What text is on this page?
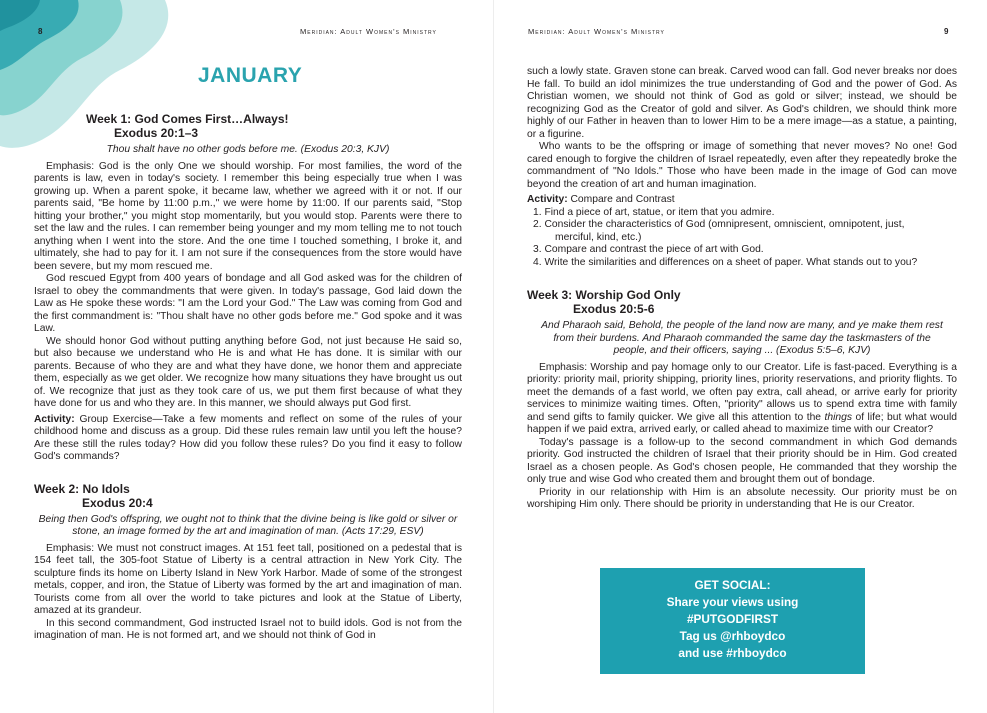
8	Meridian: Adult Women's Ministry
JANUARY
Week 1: God Comes First…Always!
Exodus 20:1–3
Thou shalt have no other gods before me. (Exodus 20:3, KJV)

Emphasis: God is the only One we should worship. For most families, the word of the parents is law, even in today's society. I remember this being especially true when I was growing up. When a parent spoke, it became law, whether we agreed with it or not. If our parents said, "Be home by 11:00 p.m.," we were home by 11:00. If our parents said, "Stop hitting your brother," you might stop momentarily, but you would stop. Parents were there to set the law and the rules. I can remember being younger and my mom telling me to not touch anything when I went into the store. And the one time I touched something, I broke it, and ultimately, she had to pay for it. I am not sure if the consequences from the store would have been severe, but my mom rescued me.

God rescued Egypt from 400 years of bondage and all God asked was for the children of Israel to obey the commandments that were given. In today's passage, God laid down the Law as He spoke these words: "I am the Lord your God." The Law was coming from God and the first commandment is: "Thou shalt have no other gods before me." God spoke and it was Law.

We should honor God without putting anything before God, not just because He said so, but also because we understand who He is and what He has done. It is similar with our parents. Because of who they are and what they have done, we honor them and appreciate them, especially as we get older. We recognize how many situations they have brought us out of. We recognize that just as they took care of us, we put them first because of what they have done for us and who they are. In this manner, we should always put God first.

Activity: Group Exercise—Take a few moments and reflect on some of the rules of your childhood home and discuss as a group. Did these rules remain law until you left the house? Are these still the rules today? How did you follow these rules? Do you find it easy to follow God's commands?

Week 2: No Idols
Exodus 20:4
Being then God's offspring, we ought not to think that the divine being is like gold or silver or stone, an image formed by the art and imagination of man. (Acts 17:29, ESV)

Emphasis: We must not construct images. At 151 feet tall, positioned on a pedestal that is 154 feet tall, the 305-foot Statue of Liberty is a central attraction in New York City. The sculpture finds its home on Liberty Island in New York Harbor. Made of some of the strongest metals, copper, and iron, the Statue of Liberty was formed by the art and imagination of man. Tourists come from all over the world to take pictures and look at the Statue of Liberty, amazed at its grandeur.

In this second commandment, God instructed Israel not to build idols. God is not from the imagination of man. He is not formed art, and we should not think of God in

Meridian: Adult Women's Ministry	9

such a lowly state. Graven stone can break. Carved wood can fall. God never breaks nor does He fall. To build an idol minimizes the true understanding of God and the power of God. As Christian women, we should not think of God as gold or silver; instead, we should be recognizing God as the Creator of gold and silver. As God's children, we should think more highly of our Father in heaven than to lower Him to be a mere image—as a statue, a painting, or a figurine.

Who wants to be the offspring or image of something that never moves? No one! God cared enough to forgive the children of Israel repeatedly, even after they repeatedly broke the commandment of "No Idols." Those who have been made in the image of God can move beyond the creation of art and human imagination.

Activity: Compare and Contrast

1. Find a piece of art, statue, or item that you admire.
2. Consider the characteristics of God (omnipresent, omniscient, omnipotent, just,
merciful, kind, etc.)
3. Compare and contrast the piece of art with God.
4. Write the similarities and differences on a sheet of paper. What stands out to you?
Week 3: Worship God Only
Exodus 20:5-6
And Pharaoh said, Behold, the people of the land now are many, and ye make them rest from their burdens. And Pharaoh commanded the same day the taskmasters of the people, and their officers, saying ... (Exodus 5:5–6, KJV)

Emphasis: Worship and pay homage only to our Creator. Life is fast-paced. Everything is a priority: priority mail, priority shipping, priority lines, priority reservations, and priority flights. To meet the demands of a fast world, we often pay extra, call ahead, or arrive early for priority services to minimize waiting times. Often, "priority" allows us to spend extra time with family and send gifts to family quicker. We give all this attention to the things of life; but what would happen if we paid extra, arrived early, or called ahead to maximize time with our Creator?

Today's passage is a follow-up to the second commandment in which God demands priority. God instructed the children of Israel that their priority should be in Him. God created Israel as a chosen people. As God's chosen people, He commanded that they worship the only true and wise God who created them and brought them out of bondage.

Priority in our relationship with Him is an absolute necessity. Our priority must be on worshiping Him only. There should be priority in understanding that He is our Creator.

GET SOCIAL:
Share your views using
#PUTGODFIRST
Tag us @rhboydco
and use #rhboydco
